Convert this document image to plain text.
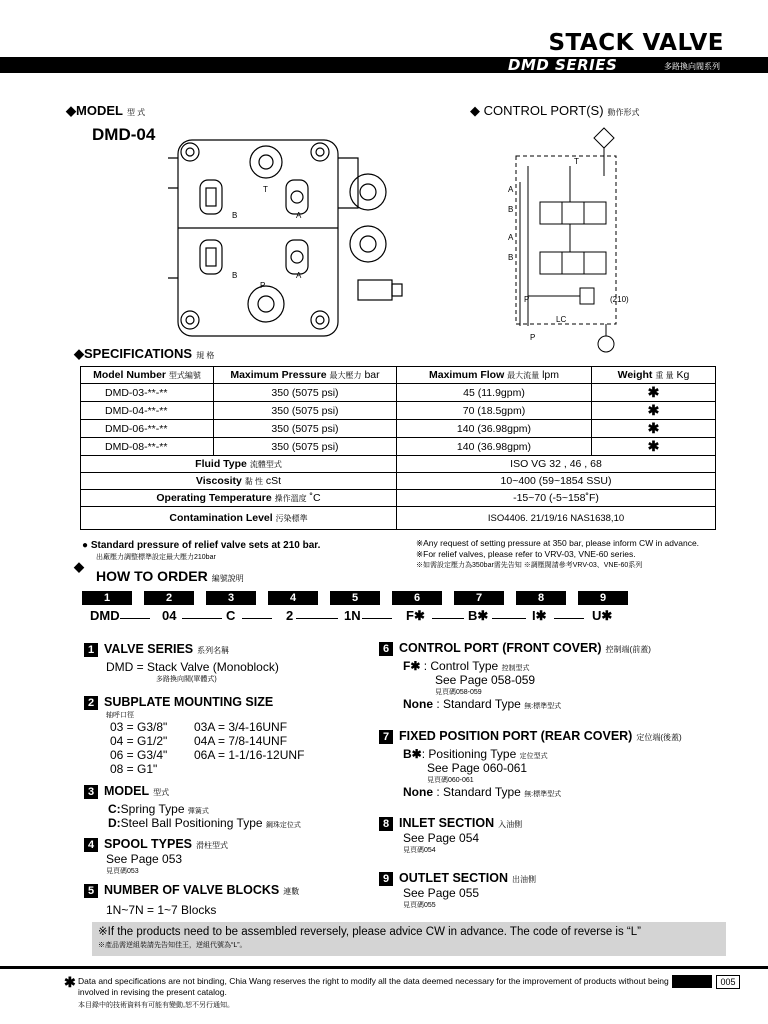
STACK VALVE
DMD SERIES	多路換向閥系列
◆MODEL 型 式
DMD-04
B	A
B	A
T
P
◆ CONTROL PORT(S) 動作形式
T
A
B
A
B
P
LC
P
(210)
◆SPECIFICATIONS 規 格
Model Number 型式編號	Maximum Pressure 最大壓力 bar	Maximum Flow 最大流量 lpm	Weight 重 量 Kg
DMD-03-**-**	350 (5075 psi)	45 (11.9gpm)	✱
DMD-04-**-**	350 (5075 psi)	70 (18.5gpm)	✱
DMD-06-**-**	350 (5075 psi)	140 (36.98gpm)	✱
DMD-08-**-**	350 (5075 psi)	140 (36.98gpm)	✱
Fluid Type 流體型式		ISO VG 32 , 46 , 68	
Viscosity 黏 性 cSt		10~400 (59~1854 SSU)	
Operating Temperature 操作溫度 ˚C		-15~70 (-5~158˚F)	
Contamination Level 污染標準		ISO4406. 21/19/16 NAS1638,10	
● Standard pressure of relief valve sets at 210 bar.
出廠壓力調整標準設定最大壓力210bar
※Any request of setting pressure at 350 bar, please inform CW in advance.
※For relief valves, please refer to VRV-03, VNE-60 series.
※如需設定壓力為350bar需先告知 ※調壓閥請參考VRV-03、VNE-60系列
◆
HOW TO ORDER 編號說明
1	2	3	4	5	6	7	8	9
DMD	04	C	2	1N	F✱	B✱	I✱	U✱
1 VALVE SERIES 系列名稱
DMD = Stack Valve (Monoblock)
多路換向閥(單體式)
2 SUBPLATE MOUNTING SIZE
轴呼口徑
03 = G3/8"
04 = G1/2"
06 = G3/4"
08 = G1"
03A = 3/4-16UNF
04A = 7/8-14UNF
06A = 1-1/16-12UNF
3 MODEL 型式
C:Spring Type 彈簧式
D:Steel Ball Positioning Type 鋼珠定位式
4 SPOOL TYPES 滑柱型式
See Page 053
見頁碼053
5 NUMBER OF VALVE BLOCKS 連數
1N~7N = 1~7 Blocks
6 CONTROL PORT (FRONT COVER) 控制端(前蓋)
F✱ : Control Type 控制型式
See Page 058-059
見頁碼058-059
None : Standard Type 無:標準型式
7 FIXED POSITION PORT (REAR COVER) 定位端(後蓋)
B✱: Positioning Type 定位型式
See Page 060-061
見頁碼060-061
None : Standard Type 無:標準型式
8 INLET SECTION 入油側
See Page 054
見頁碼054
9 OUTLET SECTION 出油側
See Page 055
見頁碼055
※If the products need to be assembled reversely, please advice CW in advance. The code of reverse is “L”
※產品需逆組裝請先告知佳王，逆組代號為“L”。
✱ Data and specifications are not binding, Chia Wang reserves the right to modify all the data deemed necessary for the improvement of products without being involved in revising the present catalog.
本目錄中的技術資料有可能有變動,恕不另行通知。
005
